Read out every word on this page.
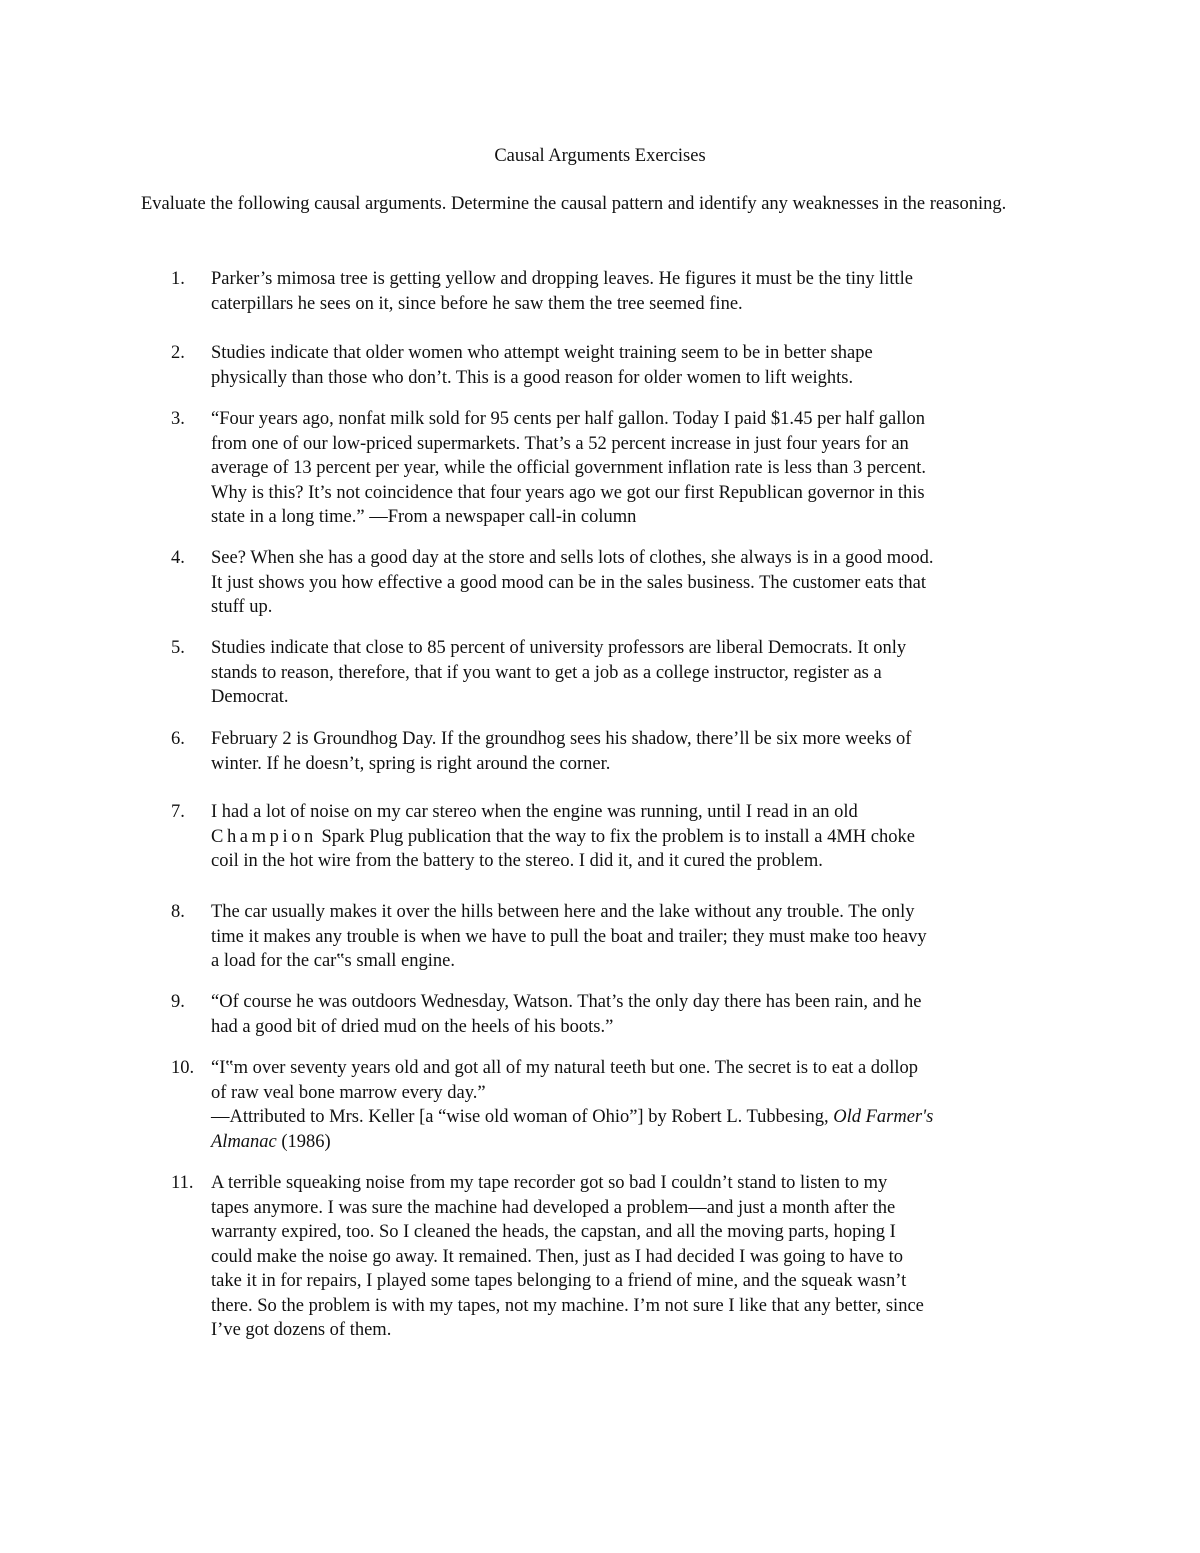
Causal Arguments Exercises

Evaluate the following causal arguments. Determine the causal pattern and identify any weaknesses in the reasoning.

1.	Parker’s mimosa tree is getting yellow and dropping leaves. He figures it must be the tiny little
caterpillars he sees on it, since before he saw them the tree seemed fine.
2.	Studies indicate that older women who attempt weight training seem to be in better shape
physically than those who don’t. This is a good reason for older women to lift weights.
3.	“Four years ago, nonfat milk sold for 95 cents per half gallon. Today I paid $1.45 per half gallon
from one of our low-priced supermarkets. That’s a 52 percent increase in just four years for an
average of 13 percent per year, while the official government inflation rate is less than 3 percent.
Why is this? It’s not coincidence that four years ago we got our first Republican governor in this
state in a long time.” —From a newspaper call-in column
4.	See? When she has a good day at the store and sells lots of clothes, she always is in a good mood.
It just shows you how effective a good mood can be in the sales business. The customer eats that
stuff up.
5.	Studies indicate that close to 85 percent of university professors are liberal Democrats. It only
stands to reason, therefore, that if you want to get a job as a college instructor, register as a
Democrat.
6.	February 2 is Groundhog Day. If the groundhog sees his shadow, there’ll be six more weeks of
winter. If he doesn’t, spring is right around the corner.
7.	I had a lot of noise on my car stereo when the engine was running, until I read in an old
Champion Spark Plug publication that the way to fix the problem is to install a 4MH choke
coil in the hot wire from the battery to the stereo. I did it, and it cured the problem.
8.	The car usually makes it over the hills between here and the lake without any trouble. The only
time it makes any trouble is when we have to pull the boat and trailer; they must make too heavy
a load for the car‟s small engine.
9.	“Of course he was outdoors Wednesday, Watson. That’s the only day there has been rain, and he
had a good bit of dried mud on the heels of his boots.”
10. “I‟m over seventy years old and got all of my natural teeth but one. The secret is to eat a dollop
of raw veal bone marrow every day.”
—Attributed to Mrs. Keller [a “wise old woman of Ohio”] by Robert L. Tubbesing, Old Farmer's
Almanac (1986)
11. A terrible squeaking noise from my tape recorder got so bad I couldn’t stand to listen to my
tapes anymore. I was sure the machine had developed a problem—and just a month after the
warranty expired, too. So I cleaned the heads, the capstan, and all the moving parts, hoping I
could make the noise go away. It remained. Then, just as I had decided I was going to have to
take it in for repairs, I played some tapes belonging to a friend of mine, and the squeak wasn’t
there. So the problem is with my tapes, not my machine. I’m not sure I like that any better, since
I’ve got dozens of them.
